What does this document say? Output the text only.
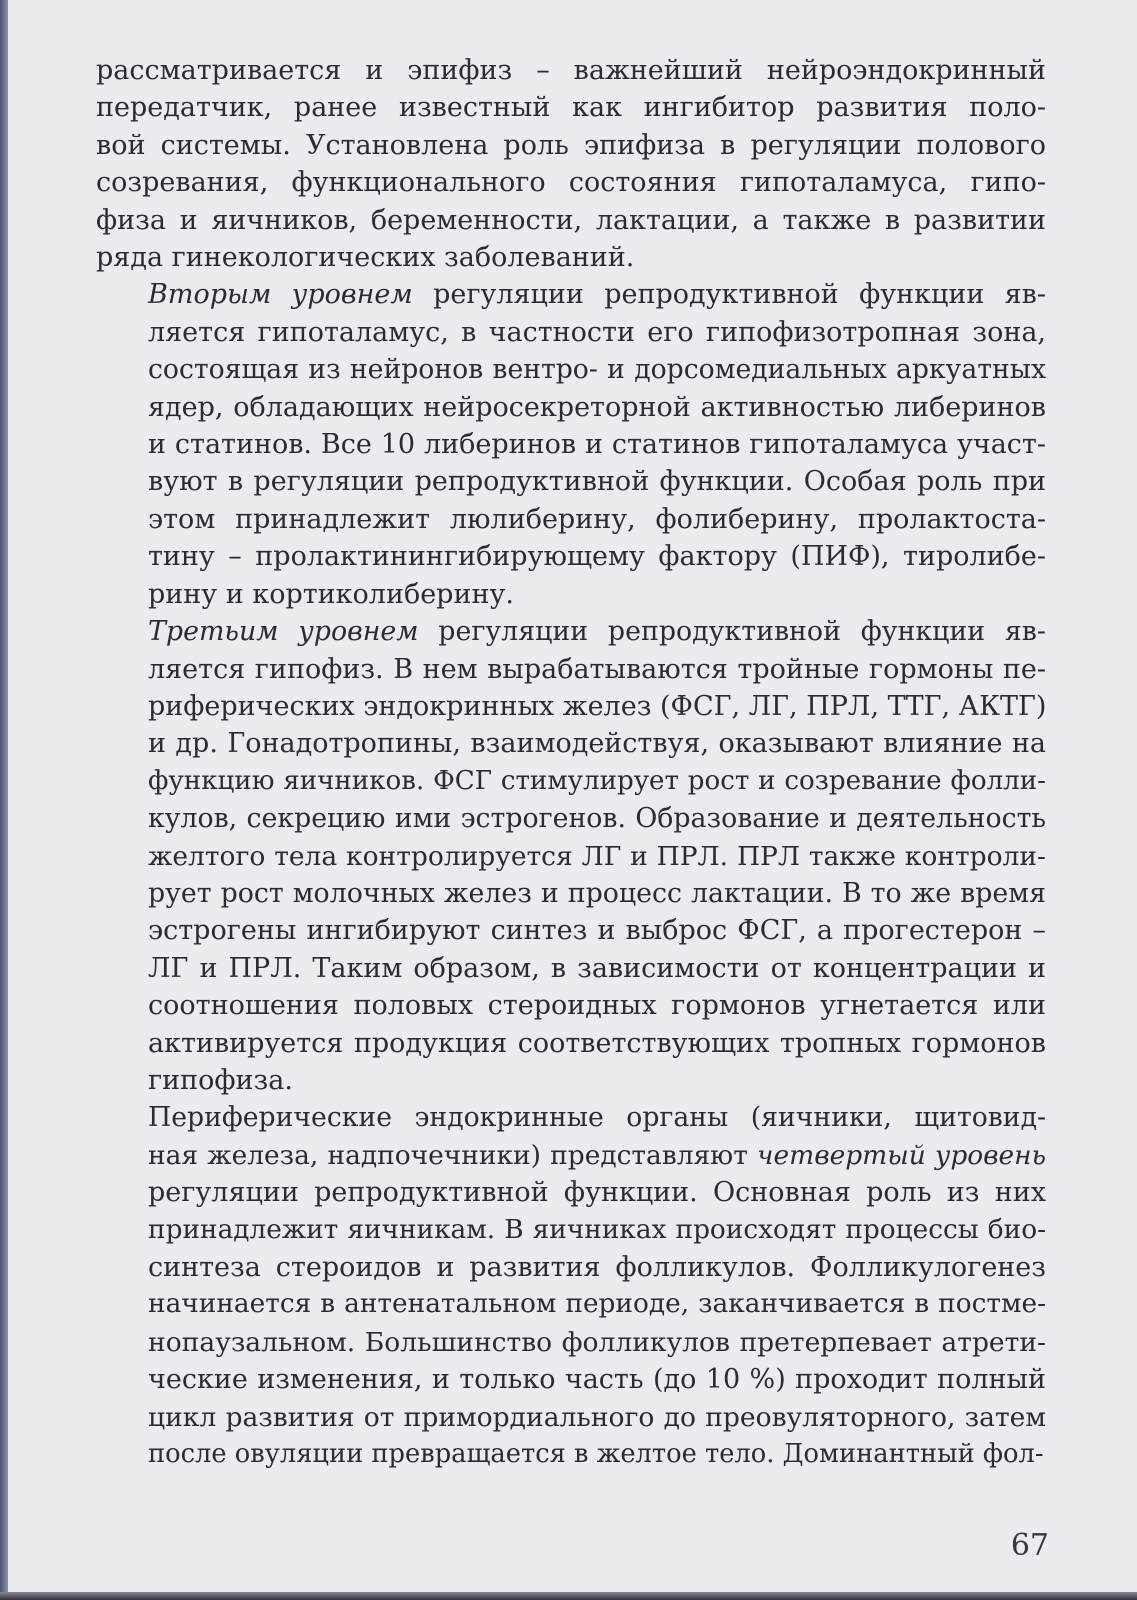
рассматривается и эпифиз – важнейший нейроэндокринный
передатчик, ранее известный как ингибитор развития поло-
вой системы. Установлена роль эпифиза в регуляции полового
созревания, функционального состояния гипоталамуса, гипо-
физа и яичников, беременности, лактации, а также в развитии
ряда гинекологических заболеваний.

Вторым уровнем регуляции репродуктивной функции яв-
ляется гипоталамус, в частности его гипофизотропная зона,
состоящая из нейронов вентро- и дорсомедиальных аркуатных
ядер, обладающих нейросекреторной активностью либеринов
и статинов. Все 10 либеринов и статинов гипоталамуса участ-
вуют в регуляции репродуктивной функции. Особая роль при
этом принадлежит люлиберину, фолиберину, пролактоста-
тину – пролактинингибирующему фактору (ПИФ), тиролибе-
рину и кортиколиберину.

Третьим уровнем регуляции репродуктивной функции яв-
ляется гипофиз. В нем вырабатываются тройные гормоны пе-
риферических эндокринных желез (ФСГ, ЛГ, ПРЛ, ТТГ, АКТГ)
и др. Гонадотропины, взаимодействуя, оказывают влияние на
функцию яичников. ФСГ стимулирует рост и созревание фолли-
кулов, секрецию ими эстрогенов. Образование и деятельность
желтого тела контролируется ЛГ и ПРЛ. ПРЛ также контроли-
рует рост молочных желез и процесс лактации. В то же время
эстрогены ингибируют синтез и выброс ФСГ, а прогестерон –
ЛГ и ПРЛ. Таким образом, в зависимости от концентрации и
соотношения половых стероидных гормонов угнетается или
активируется продукция соответствующих тропных гормонов
гипофиза.

Периферические эндокринные органы (яичники, щитовид-
ная железа, надпочечники) представляют четвертый уровень
регуляции репродуктивной функции. Основная роль из них
принадлежит яичникам. В яичниках происходят процессы био-
синтеза стероидов и развития фолликулов. Фолликулогенез
начинается в антенатальном периоде, заканчивается в постме-
нопаузальном. Большинство фолликулов претерпевает атрети-
ческие изменения, и только часть (до 10 %) проходит полный
цикл развития от примордиального до преовуляторного, затем
после овуляции превращается в желтое тело. Доминантный фол-

67
